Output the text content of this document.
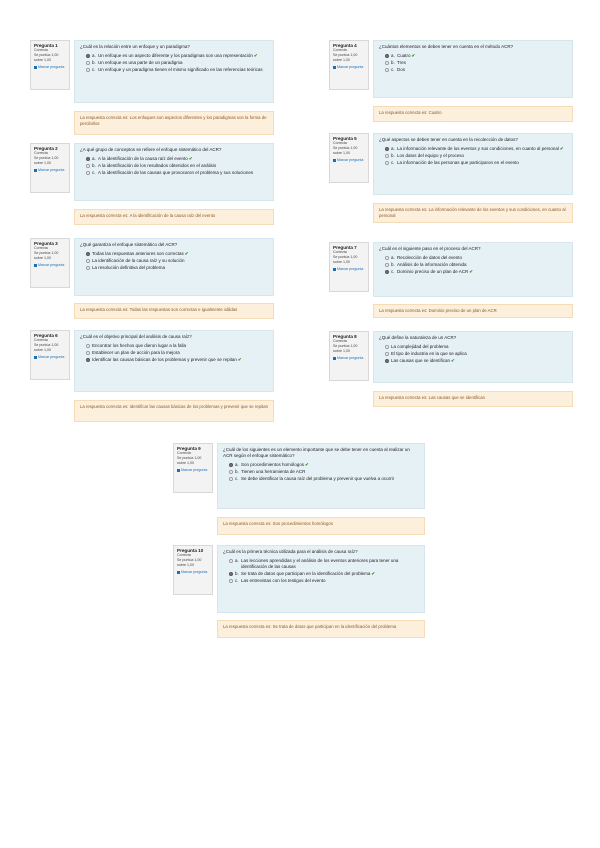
Pregunta 1
Correcta
Se puntúa 1,00 sobre 1,00
Marcar pregunta
¿Cuál es la relación entre un enfoque y un paradigma?
a. Un enfoque es un aspecto diferente y los paradigmas son una representación✔
b. Un enfoque es una parte de un paradigma
c. Un enfoque y un paradigma tienen el mismo significado en las referencias teóricas
La respuesta correcta es: Los enfoques son aspectos diferentes y los paradigmas son la forma de percibirlos
Pregunta 2
Correcta
Se puntúa 1,00 sobre 1,00
Marcar pregunta
¿A qué grupo de conceptos se refiere el enfoque sistemático del ACR?
a. A la identificación de la causa raíz del evento✔
b. A la identificación de los resultados obtenidos en el análisis
c. A la identificación de las causas que provocaron el problema y sus soluciones
La respuesta correcta es: A la identificación de la causa raíz del evento
Pregunta 3
Correcta
Se puntúa 1,00 sobre 1,00
Marcar pregunta
¿Qué garantiza el enfoque sistemático del ACR?
Todas las respuestas anteriores son correctas✔
La identificación de la causa raíz y su solución
La resolución definitiva del problema
La respuesta correcta es: Todas las respuestas son correctas e igualmente válidas
Pregunta 6
Correcta
Se puntúa 1,00 sobre 1,00
Marcar pregunta
¿Cuál es el objetivo principal del análisis de causa raíz?
Encontrar los hechos que dieron lugar a la falla
Establecer un plan de acción para la mejora
Identificar las causas básicas de los problemas y prevenir que se repitan✔
La respuesta correcta es: Identificar las causas básicas de los problemas y prevenir que se repitan
Pregunta 4
Correcta
Se puntúa 1,00 sobre 1,00
Marcar pregunta
¿Cuántos elementos se deben tener en cuenta en el método ACR?
a. Cuatro✔
b. Tres
c. Dos
La respuesta correcta es: Cuatro
Pregunta 5
Correcta
Se puntúa 1,00 sobre 1,00
Marcar pregunta
¿Qué aspectos se deben tener en cuenta en la recolección de datos?
a. La información relevante de los eventos y sus condiciones, en cuanto al personal✔
b. Los datos del equipo y el proceso
c. La información de las personas que participaron en el evento
La respuesta correcta es: La información relevante de los eventos y sus condiciones, en cuanto al personal
Pregunta 7
Correcta
Se puntúa 1,00 sobre 1,00
Marcar pregunta
¿Cuál es el siguiente paso en el proceso del ACR?
a. Recolección de datos del evento
b. Análisis de la información obtenida
c. Dominio preciso de un plan de ACR✔
La respuesta correcta es: Dominio preciso de un plan de ACR
Pregunta 8
Correcta
Se puntúa 1,00 sobre 1,00
Marcar pregunta
¿Qué define la naturaleza de un ACR?
La complejidad del problema
El tipo de industria en la que se aplica
Las causas que se identifican✔
La respuesta correcta es: Las causas que se identifican
Pregunta 9
Correcta
Se puntúa 1,00 sobre 1,00
Marcar pregunta
¿Cuál de los siguientes es un elemento importante que se debe tener en cuenta al realizar un ACR según el enfoque sistemático?
a. Son procedimientos homólogos✔
b. Tienen una herramienta de ACR
c. Se debe identificar la causa raíz del problema y prevenir que vuelva a ocurrir
La respuesta correcta es: Son procedimientos homólogos
Pregunta 10
Correcta
Se puntúa 1,00 sobre 1,00
Marcar pregunta
¿Cuál es la primera técnica utilizada para el análisis de causa raíz?
a. Las lecciones aprendidas y el análisis de los eventos anteriores para tener una identificación de las causas
b. Se trata de datos que participan en la identificación del problema✔
c. Las entrevistas con los testigos del evento
La respuesta correcta es: Se trata de datos que participan en la identificación del problema
